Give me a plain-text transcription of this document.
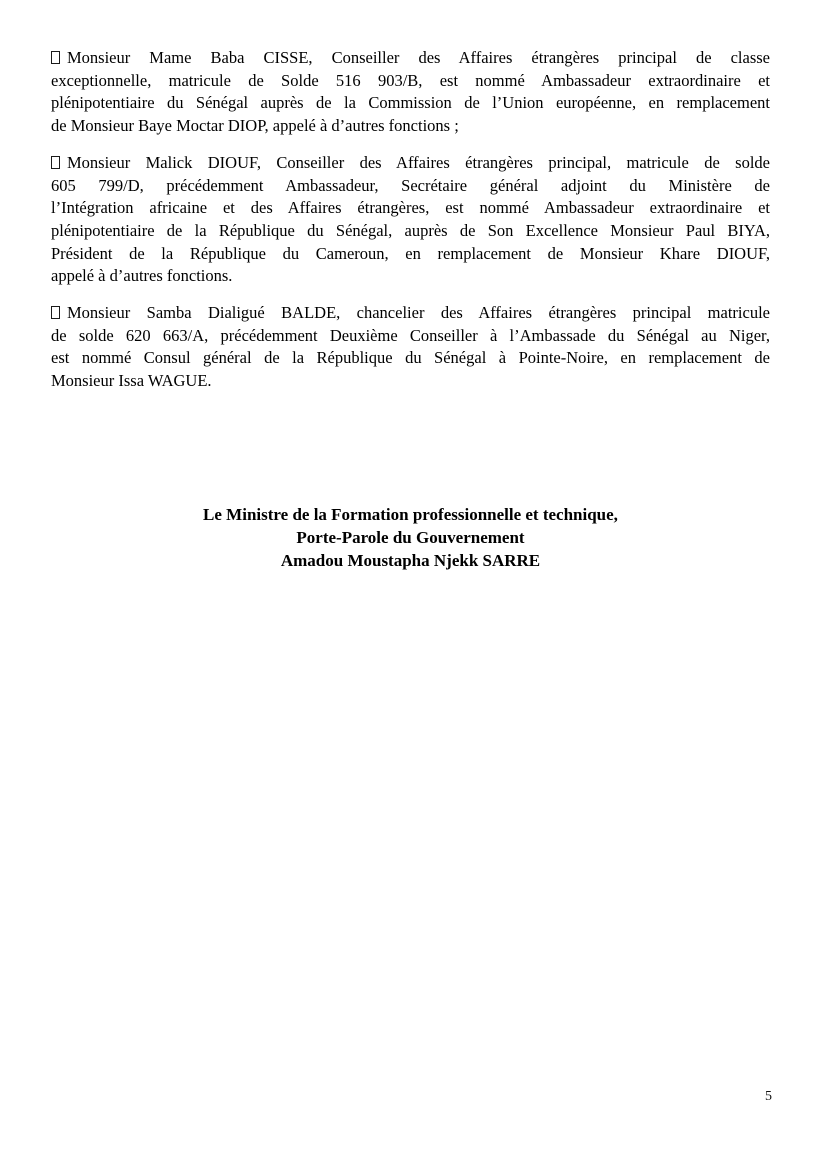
Monsieur Mame Baba CISSE, Conseiller des Affaires étrangères principal de classe
exceptionnelle, matricule de Solde 516 903/B, est nommé Ambassadeur extraordinaire et
plénipotentiaire du Sénégal auprès de la Commission de l’Union européenne, en remplacement
de Monsieur Baye Moctar DIOP, appelé à d’autres fonctions ;
Monsieur Malick DIOUF, Conseiller des Affaires étrangères principal, matricule de solde
605 799/D, précédemment Ambassadeur, Secrétaire général adjoint du Ministère de
l’Intégration africaine et des Affaires étrangères, est nommé Ambassadeur extraordinaire et
plénipotentiaire de la République du Sénégal, auprès de Son Excellence Monsieur Paul BIYA,
Président de la République du Cameroun, en remplacement de Monsieur Khare DIOUF,
appelé à d’autres fonctions.
Monsieur Samba Dialigué BALDE, chancelier des Affaires étrangères principal matricule
de solde 620 663/A, précédemment Deuxième Conseiller à l’Ambassade du Sénégal au Niger,
est nommé Consul général de la République du Sénégal à Pointe-Noire, en remplacement de
Monsieur Issa WAGUE.
Le Ministre de la Formation professionnelle et technique,
Porte-Parole du Gouvernement
Amadou Moustapha Njekk SARRE
5
